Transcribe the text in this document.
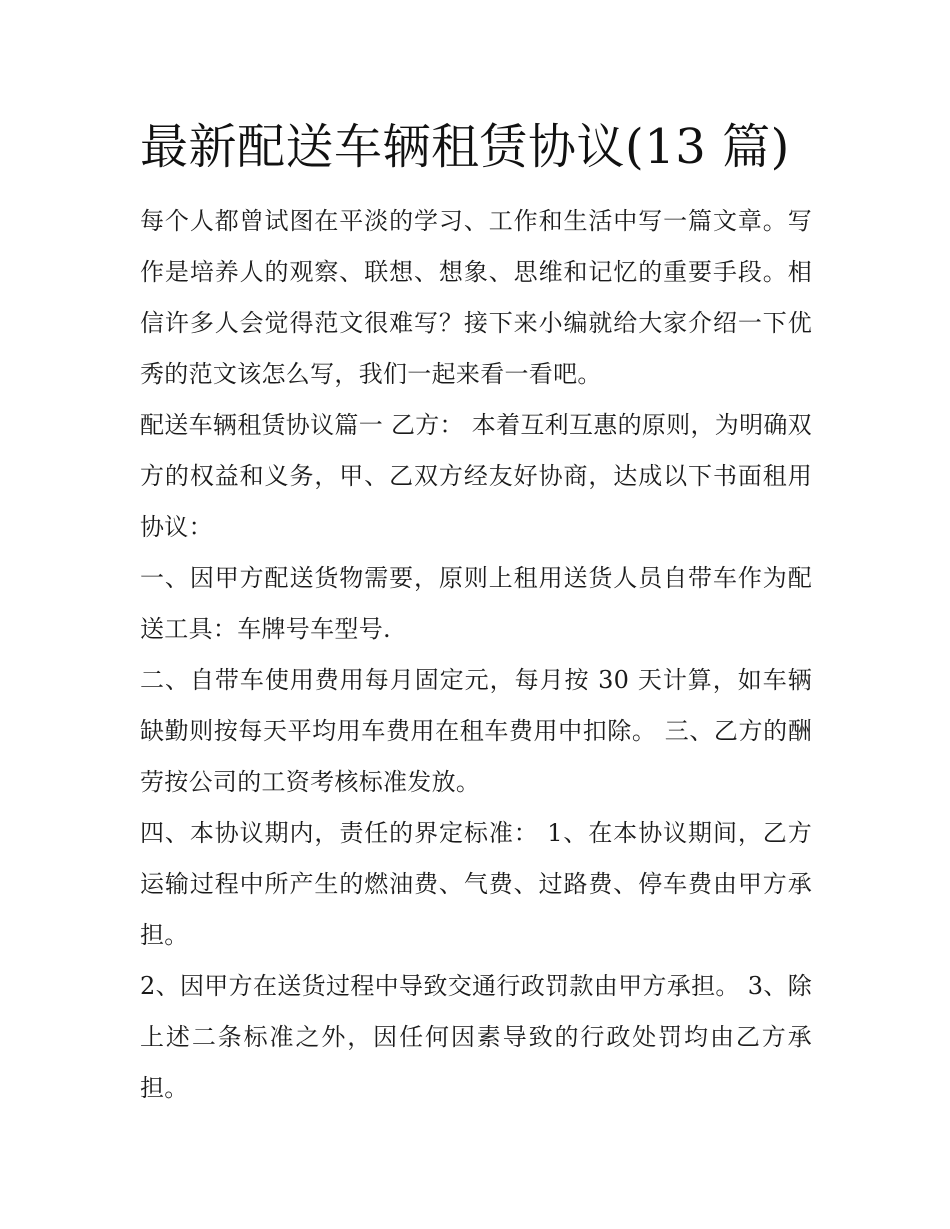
最新配送车辆租赁协议(13 篇)

每个人都曾试图在平淡的学习、工作和生活中写一篇文章。写作是培养人的观察、联想、想象、思维和记忆的重要手段。相信许多人会觉得范文很难写？接下来小编就给大家介绍一下优秀的范文该怎么写，我们一起来看一看吧。

配送车辆租赁协议篇一 乙方： 本着互利互惠的原则，为明确双方的权益和义务，甲、乙双方经友好协商，达成以下书面租用协议：

一、因甲方配送货物需要，原则上租用送货人员自带车作为配送工具：车牌号车型号.

二、自带车使用费用每月固定元，每月按 30 天计算，如车辆缺勤则按每天平均用车费用在租车费用中扣除。 三、乙方的酬劳按公司的工资考核标准发放。

四、本协议期内，责任的界定标准： 1、在本协议期间，乙方运输过程中所产生的燃油费、气费、过路费、停车费由甲方承担。

2、因甲方在送货过程中导致交通行政罚款由甲方承担。 3、除上述二条标准之外，因任何因素导致的行政处罚均由乙方承担。
